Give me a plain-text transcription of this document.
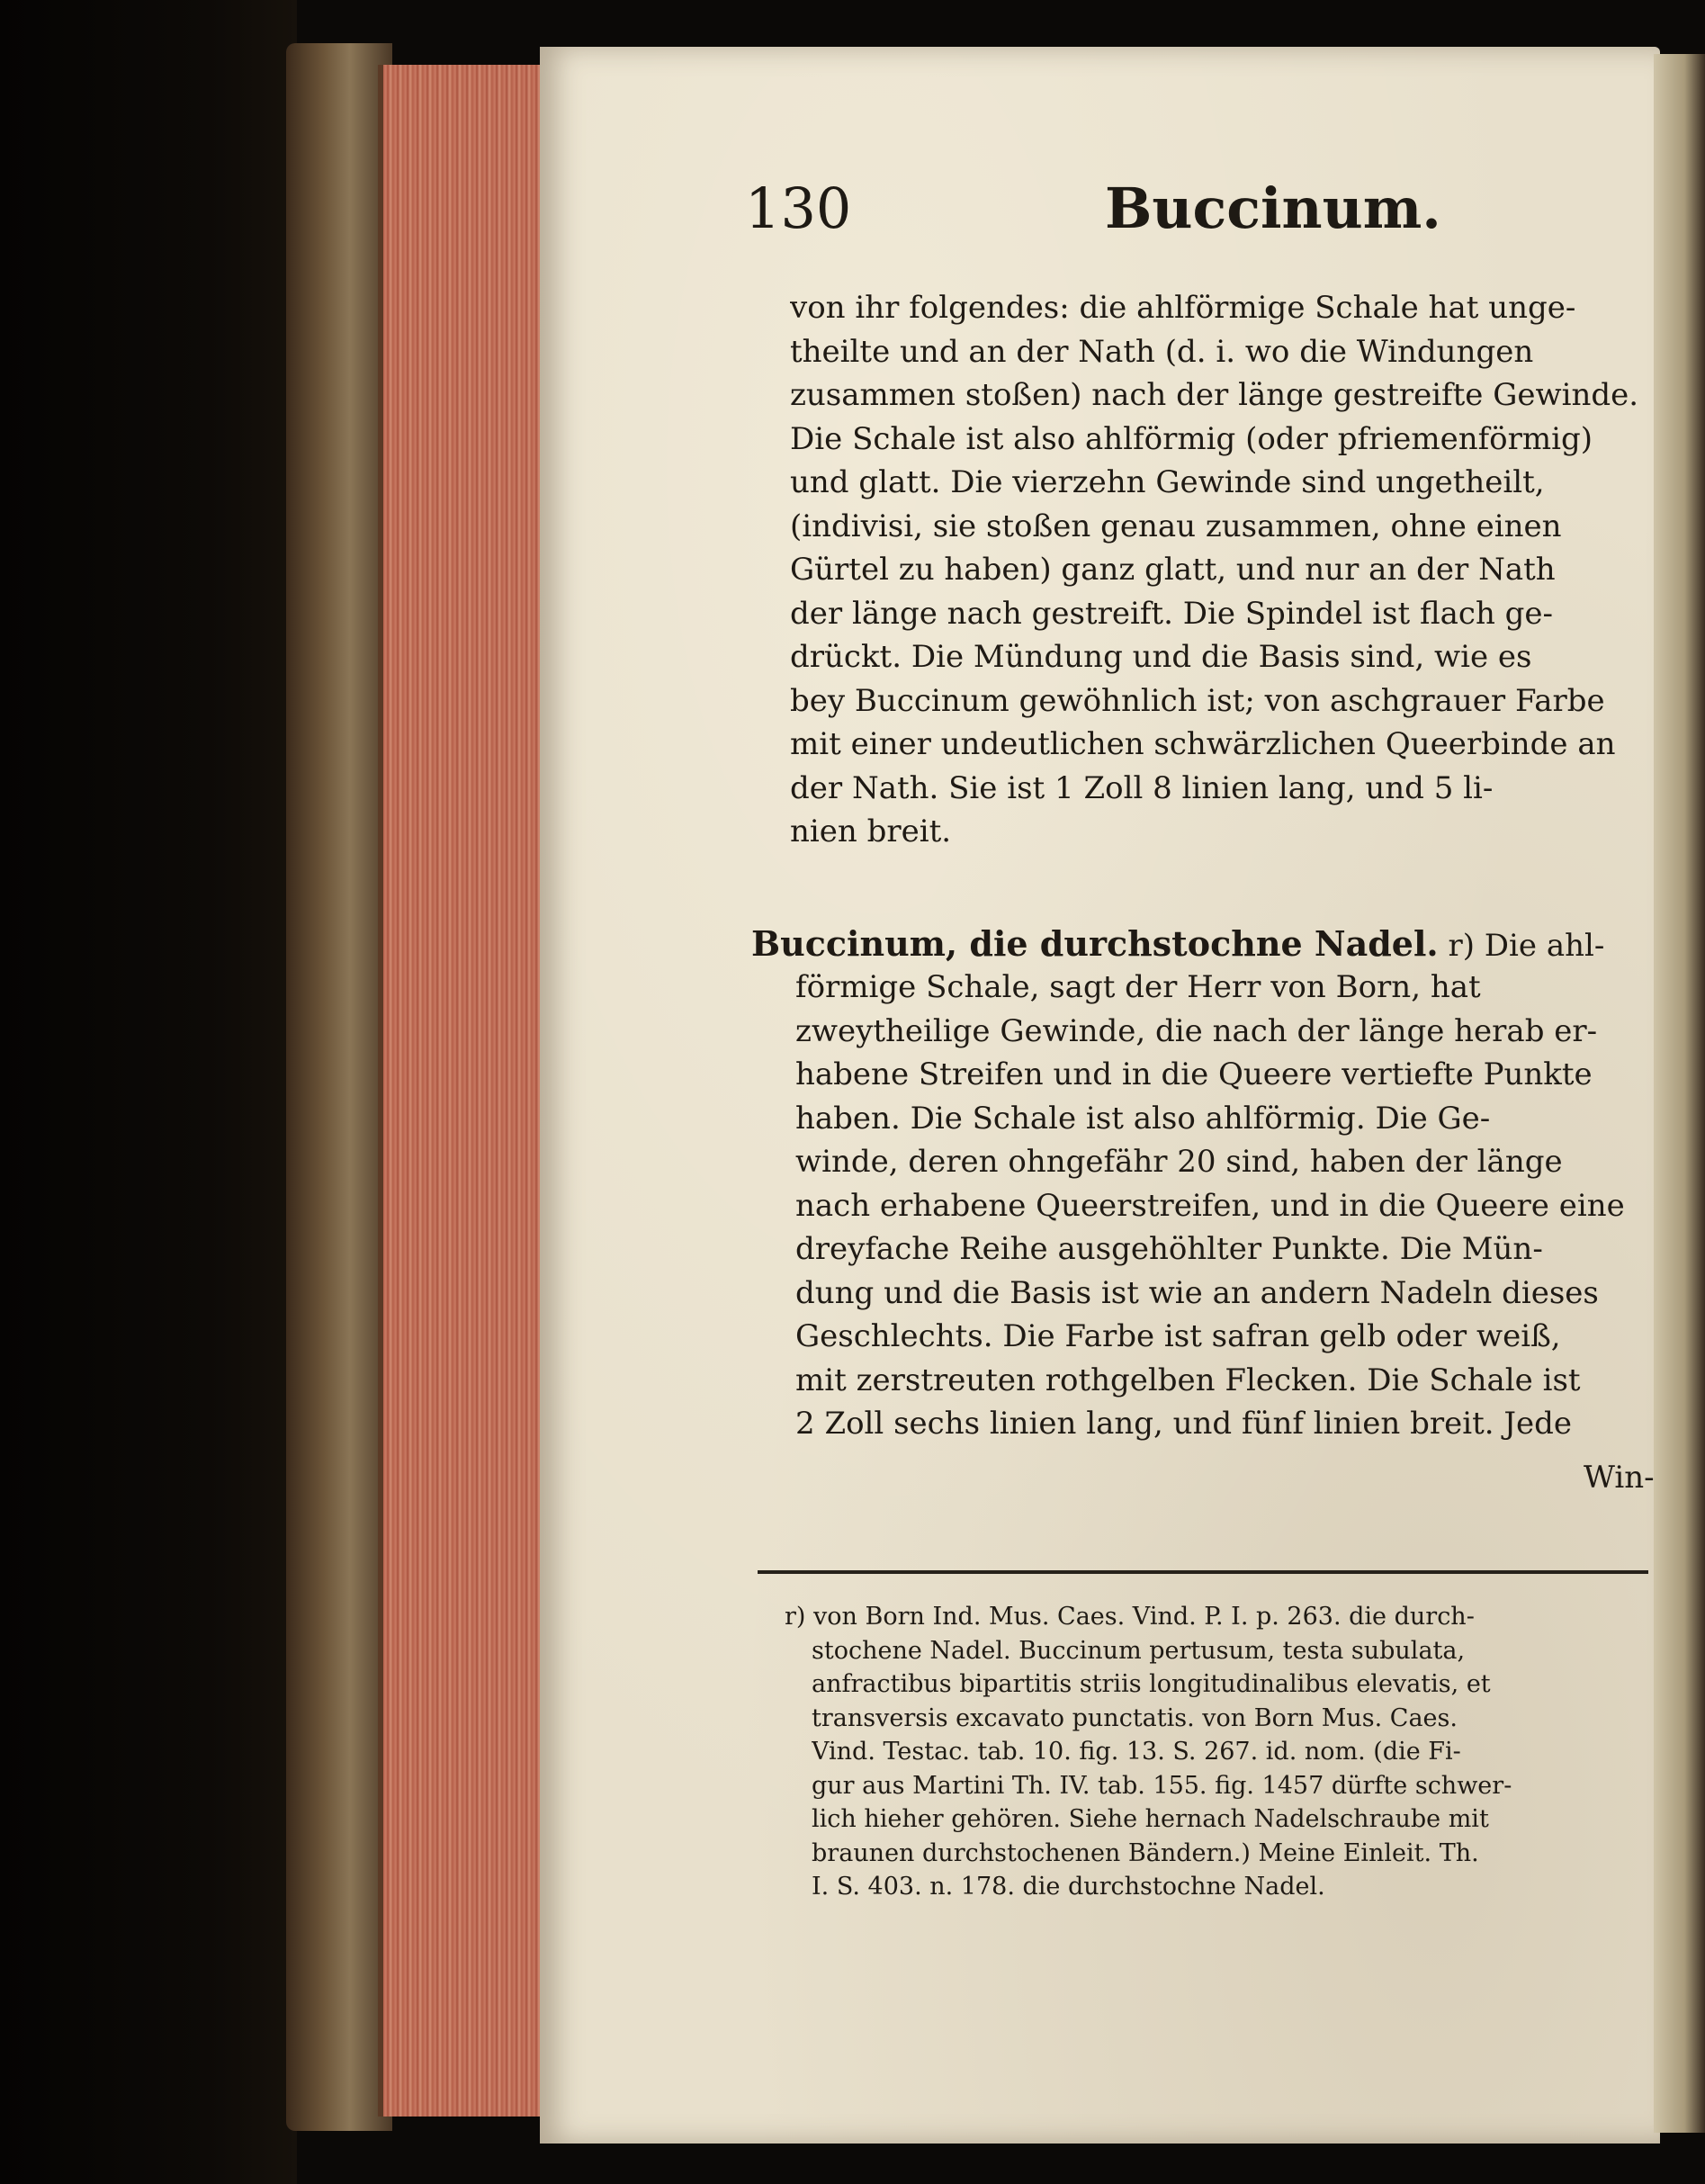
130	Buccinum.
von ihr folgendes: die ahlförmige Schale hat unge-
theilte und an der Nath (d. i. wo die Windungen
zusammen stoßen) nach der länge gestreifte Gewinde.
Die Schale ist also ahlförmig (oder pfriemenförmig)
und glatt. Die vierzehn Gewinde sind ungetheilt,
(indivisi, sie stoßen genau zusammen, ohne einen
Gürtel zu haben) ganz glatt, und nur an der Nath
der länge nach gestreift. Die Spindel ist flach ge-
drückt. Die Mündung und die Basis sind, wie es
bey Buccinum gewöhnlich ist; von aschgrauer Farbe
mit einer undeutlichen schwärzlichen Queerbinde an
der Nath. Sie ist 1 Zoll 8 linien lang, und 5 li-
nien breit.
Buccinum, die durchstochne Nadel. r) Die ahl-
förmige Schale, sagt der Herr von Born, hat
zweytheilige Gewinde, die nach der länge herab er-
habene Streifen und in die Queere vertiefte Punkte
haben. Die Schale ist also ahlförmig. Die Ge-
winde, deren ohngefähr 20 sind, haben der länge
nach erhabene Queerstreifen, und in die Queere eine
dreyfache Reihe ausgehöhlter Punkte. Die Mün-
dung und die Basis ist wie an andern Nadeln dieses
Geschlechts. Die Farbe ist safran gelb oder weiß,
mit zerstreuten rothgelben Flecken. Die Schale ist
2 Zoll sechs linien lang, und fünf linien breit. Jede
Win-
r) von Born Ind. Mus. Caes. Vind. P. I. p. 263. die durch-
stochene Nadel. Buccinum pertusum, testa subulata,
anfractibus bipartitis striis longitudinalibus elevatis, et
transversis excavato punctatis. von Born Mus. Caes.
Vind. Testac. tab. 10. fig. 13. S. 267. id. nom. (die Fi-
gur aus Martini Th. IV. tab. 155. fig. 1457 dürfte schwer-
lich hieher gehören. Siehe hernach Nadelschraube mit
braunen durchstochenen Bändern.) Meine Einleit. Th.
I. S. 403. n. 178. die durchstochne Nadel.
